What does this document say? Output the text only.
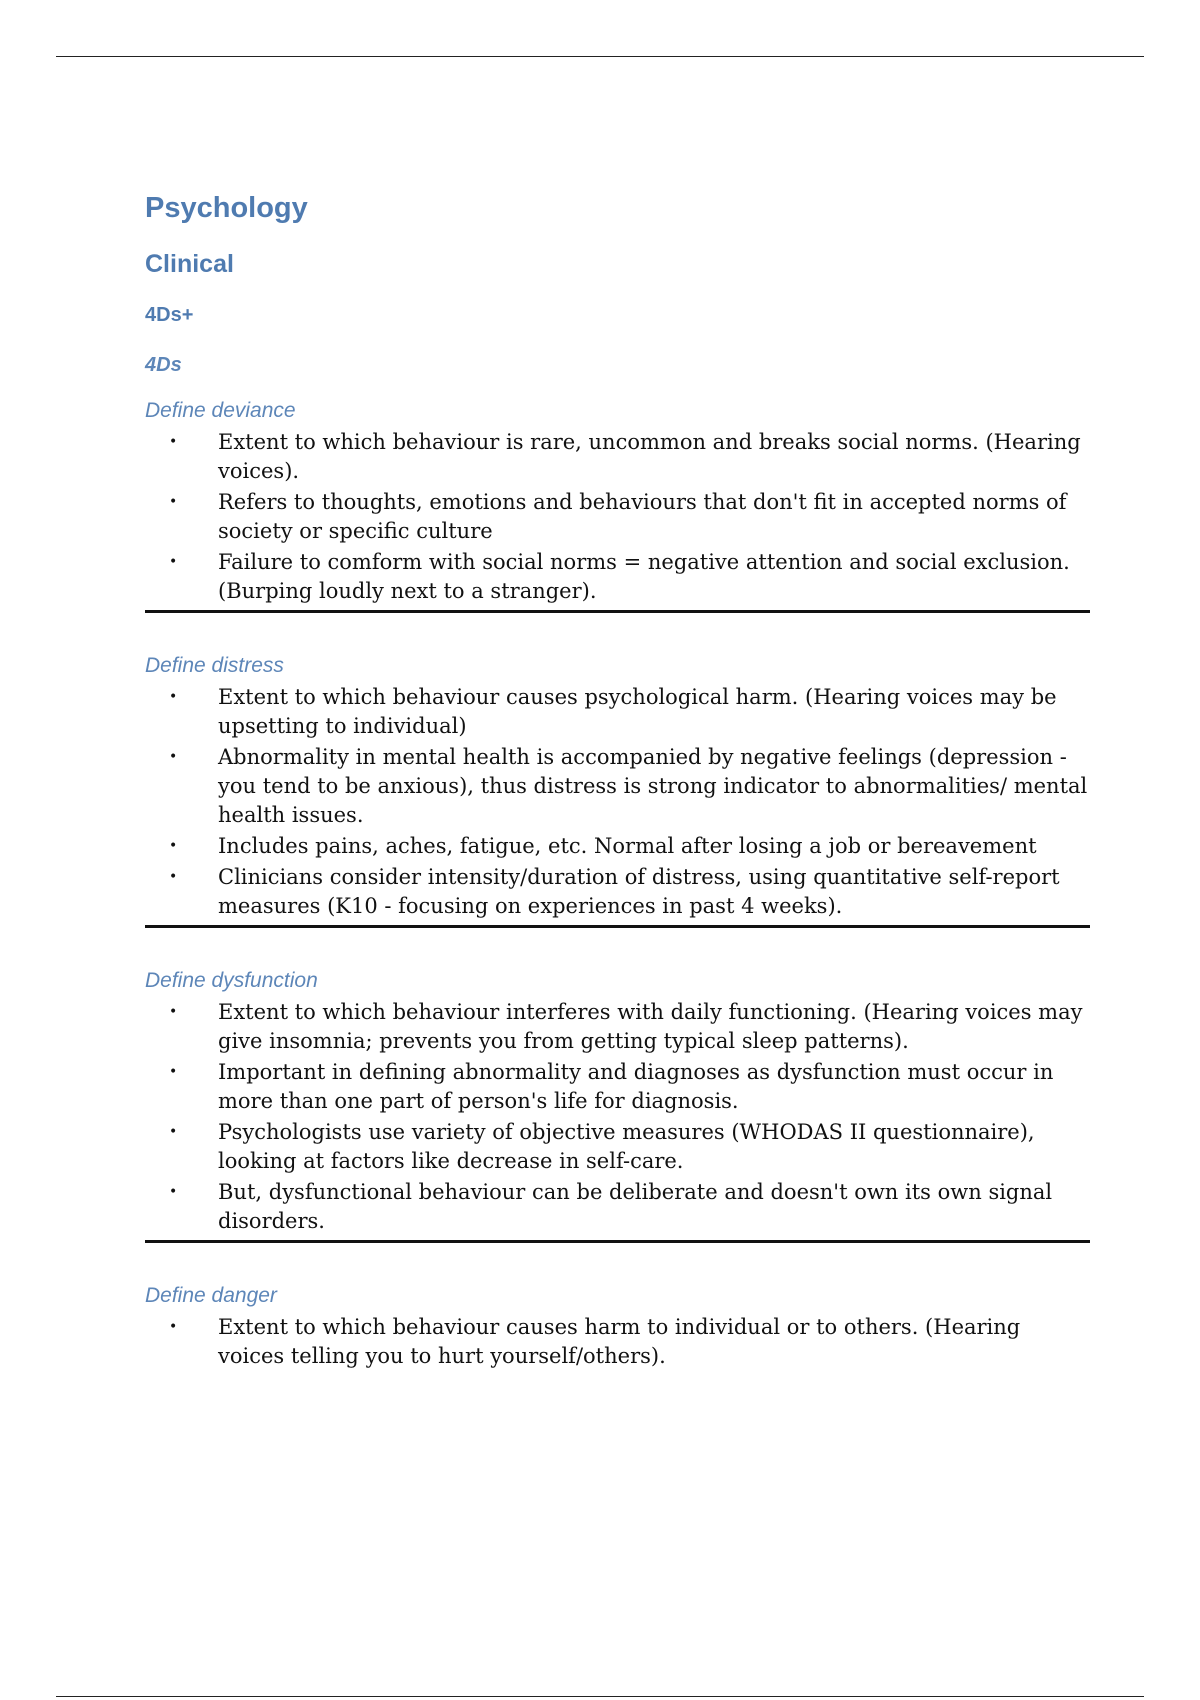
Psychology
Clinical
4Ds+
4Ds
Define deviance
• Extent to which behaviour is rare, uncommon and breaks social norms. (Hearing voices).
• Refers to thoughts, emotions and behaviours that don't fit in accepted norms of society or specific culture
• Failure to comform with social norms = negative attention and social exclusion. (Burping loudly next to a stranger).
Define distress
• Extent to which behaviour causes psychological harm. (Hearing voices may be upsetting to individual)
• Abnormality in mental health is accompanied by negative feelings (depression - you tend to be anxious), thus distress is strong indicator to abnormalities/ mental health issues.
• Includes pains, aches, fatigue, etc. Normal after losing a job or bereavement
• Clinicians consider intensity/duration of distress, using quantitative self-report measures (K10 - focusing on experiences in past 4 weeks).
Define dysfunction
• Extent to which behaviour interferes with daily functioning. (Hearing voices may give insomnia; prevents you from getting typical sleep patterns).
• Important in defining abnormality and diagnoses as dysfunction must occur in more than one part of person's life for diagnosis.
• Psychologists use variety of objective measures (WHODAS II questionnaire), looking at factors like decrease in self-care.
• But, dysfunctional behaviour can be deliberate and doesn't own its own signal disorders.
Define danger
• Extent to which behaviour causes harm to individual or to others. (Hearing voices telling you to hurt yourself/others).
